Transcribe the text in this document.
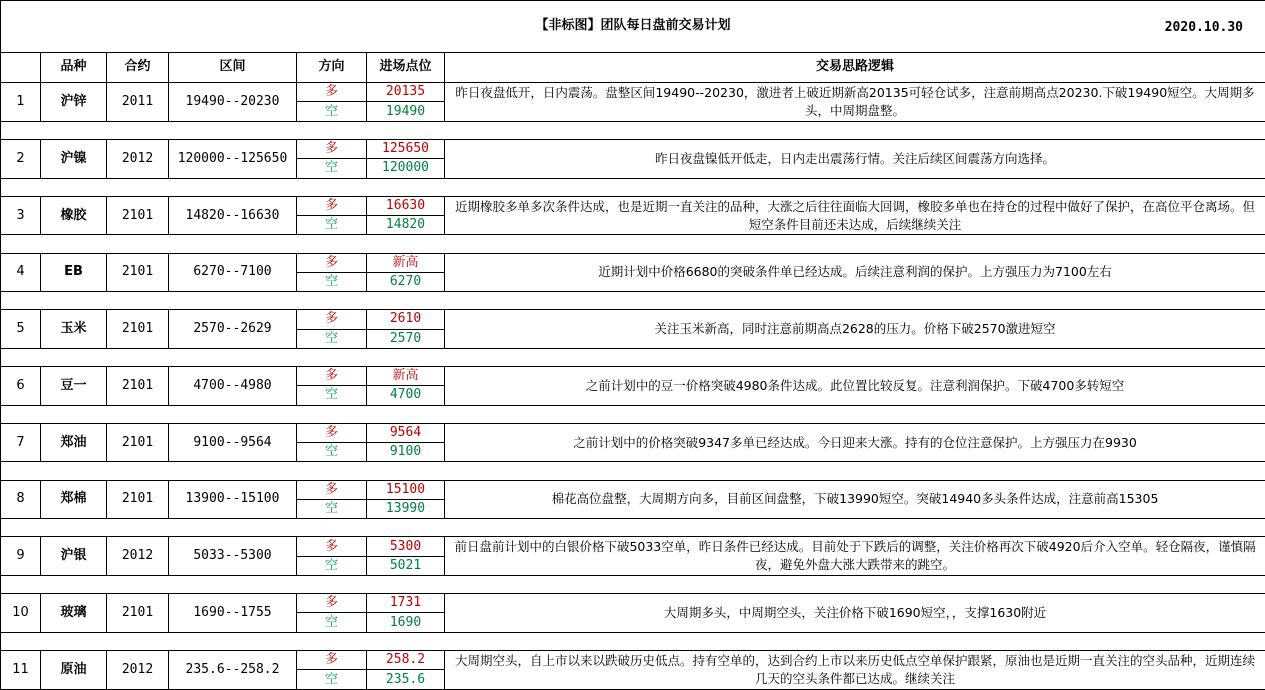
【非标图】团队每日盘前交易计划 2020.10.30						

	品种	合约	区间	方向	进场点位	交易思路逻辑
1	沪锌	2011	19490--20230	多	20135	昨日夜盘低开，日内震荡。盘整区间19490--20230，激进者上破近期新高20135可轻仓试多，注意前期高点20230.下破19490短空。大周期多头，中周期盘整。
				空	19490	

2	沪镍	2012	120000--125650	多	125650	昨日夜盘镍低开低走，日内走出震荡行情。关注后续区间震荡方向选择。
				空	120000	

3	橡胶	2101	14820--16630	多	16630	近期橡胶多单多次条件达成，也是近期一直关注的品种，大涨之后往往面临大回调，橡胶多单也在持仓的过程中做好了保护，在高位平仓离场。但短空条件目前还未达成，后续继续关注
				空	14820	

4	EB	2101	6270--7100	多	新高	近期计划中价格6680的突破条件单已经达成。后续注意利润的保护。上方强压力为7100左右
				空	6270	

5	玉米	2101	2570--2629	多	2610	关注玉米新高，同时注意前期高点2628的压力。价格下破2570激进短空
				空	2570	

6	豆一	2101	4700--4980	多	新高	之前计划中的豆一价格突破4980条件达成。此位置比较反复。注意利润保护。下破4700多转短空
				空	4700	

7	郑油	2101	9100--9564	多	9564	之前计划中的价格突破9347多单已经达成。今日迎来大涨。持有的仓位注意保护。上方强压力在9930
				空	9100	

8	郑棉	2101	13900--15100	多	15100	棉花高位盘整，大周期方向多，目前区间盘整，下破13990短空。突破14940多头条件达成，注意前高15305
				空	13990	

9	沪银	2012	5033--5300	多	5300	前日盘前计划中的白银价格下破5033空单，昨日条件已经达成。目前处于下跌后的调整，关注价格再次下破4920后介入空单。轻仓隔夜，谨慎隔夜，避免外盘大涨大跌带来的跳空。
				空	5021	

10	玻璃	2101	1690--1755	多	1731	大周期多头，中周期空头，关注价格下破1690短空，，支撑1630附近
				空	1690	

11	原油	2012	235.6--258.2	多	258.2	大周期空头，自上市以来以跌破历史低点。持有空单的，达到合约上市以来历史低点空单保护跟紧，原油也是近期一直关注的空头品种，近期连续几天的空头条件都已达成。继续关注
				空	235.6	
